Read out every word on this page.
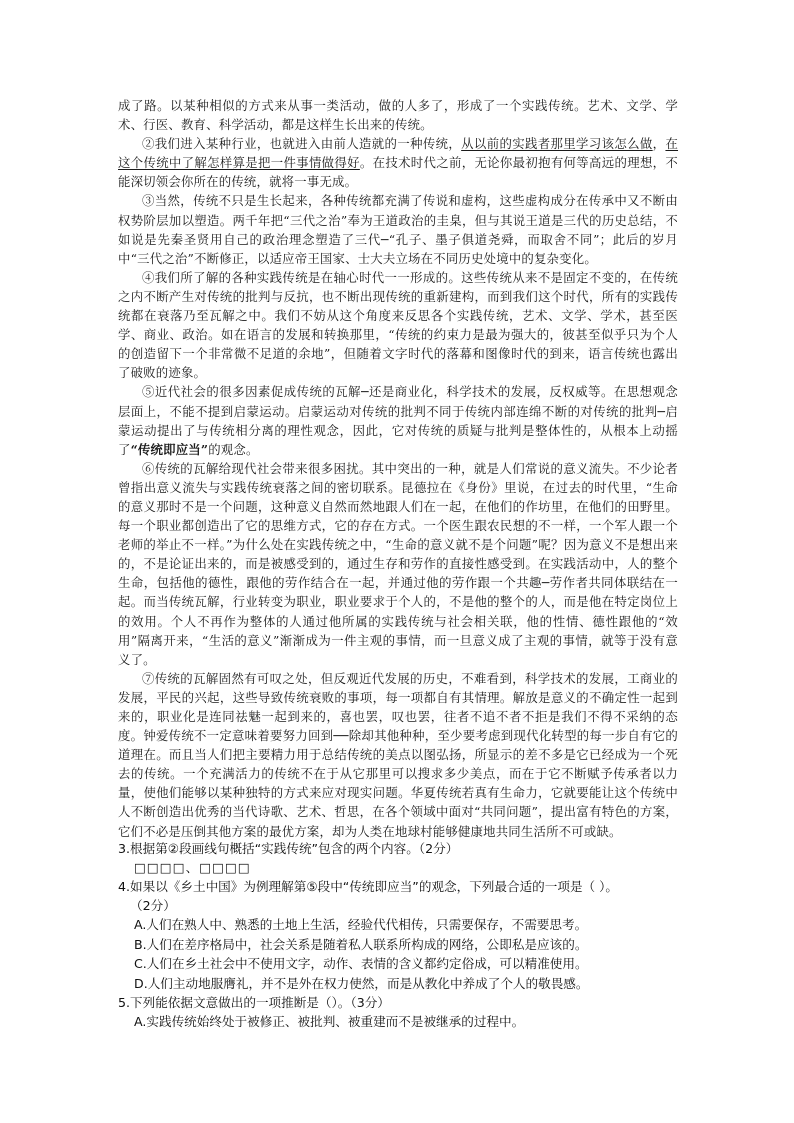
成了路。以某种相似的方式来从事一类活动，做的人多了，形成了一个实践传统。艺术、文学、学术、行医、教育、科学活动，都是这样生长出来的传统。

②我们进入某种行业，也就进入由前人造就的一种传统，从以前的实践者那里学习该怎么做，在这个传统中了解怎样算是把一件事情做得好。在技术时代之前，无论你最初抱有何等高远的理想，不能深切领会你所在的传统，就将一事无成。

③当然，传统不只是生长起来，各种传统都充满了传说和虚构，这些虚构成分在传承中又不断由权势阶层加以塑造。两千年把“三代之治”奉为王道政治的圭臬，但与其说王道是三代的历史总结，不如说是先秦圣贤用自己的政治理念塑造了三代─“孔子、墨子俱道尧舜，而取舍不同”；此后的岁月中“三代之治”不断修正，以适应帝王国家、士大夫立场在不同历史处境中的复杂变化。

④我们所了解的各种实践传统是在轴心时代一一形成的。这些传统从来不是固定不变的，在传统之内不断产生对传统的批判与反抗，也不断出现传统的重新建构，而到我们这个时代，所有的实践传统都在衰落乃至瓦解之中。我们不妨从这个角度来反思各个实践传统，艺术、文学、学术，甚至医学、商业、政治。如在语言的发展和转换那里，“传统的约束力是最为强大的，彼甚至似乎只为个人的创造留下一个非常微不足道的余地”，但随着文字时代的落幕和图像时代的到来，语言传统也露出了破败的迹象。

⑤近代社会的很多因素促成传统的瓦解─还是商业化，科学技术的发展，反权威等。在思想观念层面上，不能不提到启蒙运动。启蒙运动对传统的批判不同于传统内部连绵不断的对传统的批判─启蒙运动提出了与传统相分离的理性观念，因此，它对传统的质疑与批判是整体性的，从根本上动摇了“传统即应当”的观念。

⑥传统的瓦解给现代社会带来很多困扰。其中突出的一种，就是人们常说的意义流失。不少论者曾指出意义流失与实践传统衰落之间的密切联系。昆德拉在《身份》里说，在过去的时代里，“生命的意义那时不是一个问题，这种意义自然而然地跟人们在一起，在他们的作坊里，在他们的田野里。每一个职业都创造出了它的思维方式，它的存在方式。一个医生跟农民想的不一样，一个军人跟一个老师的举止不一样。”为什么处在实践传统之中，“生命的意义就不是个问题”呢？因为意义不是想出来的，不是论证出来的，而是被感受到的，通过生存和劳作的直接性感受到。在实践活动中，人的整个生命，包括他的德性，跟他的劳作结合在一起，并通过他的劳作跟一个共趣─劳作者共同体联结在一起。而当传统瓦解，行业转变为职业，职业要求于个人的，不是他的整个的人，而是他在特定岗位上的效用。个人不再作为整体的人通过他所属的实践传统与社会相关联，他的性情、德性跟他的“效用”隔离开来，“生活的意义”渐渐成为一件主观的事情，而一旦意义成了主观的事情，就等于没有意义了。

⑦传统的瓦解固然有可叹之处，但反观近代发展的历史，不难看到，科学技术的发展，工商业的发展，平民的兴起，这些导致传统衰败的事项，每一项都自有其情理。解放是意义的不确定性一起到来的，职业化是连同祛魅一起到来的，喜也罢，叹也罢，往者不追不者不拒是我们不得不采纳的态度。钟爱传统不一定意味着要努力回到──除却其他种种，至少要考虑到现代化转型的每一步自有它的道理在。而且当人们把主要精力用于总结传统的美点以图弘扬，所显示的差不多是它已经成为一个死去的传统。一个充满活力的传统不在于从它那里可以搜求多少美点，而在于它不断赋予传承者以力量，使他们能够以某种独特的方式来应对现实问题。华夏传统若真有生命力，它就要能让这个传统中人不断创造出优秀的当代诗歌、艺术、哲思，在各个领域中面对“共同问题”，提出富有特色的方案，它们不必是压倒其他方案的最优方案，却为人类在地球村能够健康地共同生活所不可或缺。

3.根据第②段画线句概括“实践传统”包含的两个内容。（2分）

□□□□、□□□□

4.如果以《乡土中国》为例理解第⑤段中“传统即应当”的观念，下列最合适的一项是（ ）。

（2分）

A.人们在熟人中、熟悉的土地上生活，经验代代相传，只需要保存，不需要思考。

B.人们在差序格局中，社会关系是随着私人联系所构成的网络，公即私是应该的。

C.人们在乡土社会中不使用文字，动作、表情的含义都约定俗成，可以精准使用。

D.人们主动地服膺礼，并不是外在权力使然，而是从教化中养成了个人的敬畏感。

5.下列能依据文意做出的一项推断是（）。（3分）

A.实践传统始终处于被修正、被批判、被重建而不是被继承的过程中。
